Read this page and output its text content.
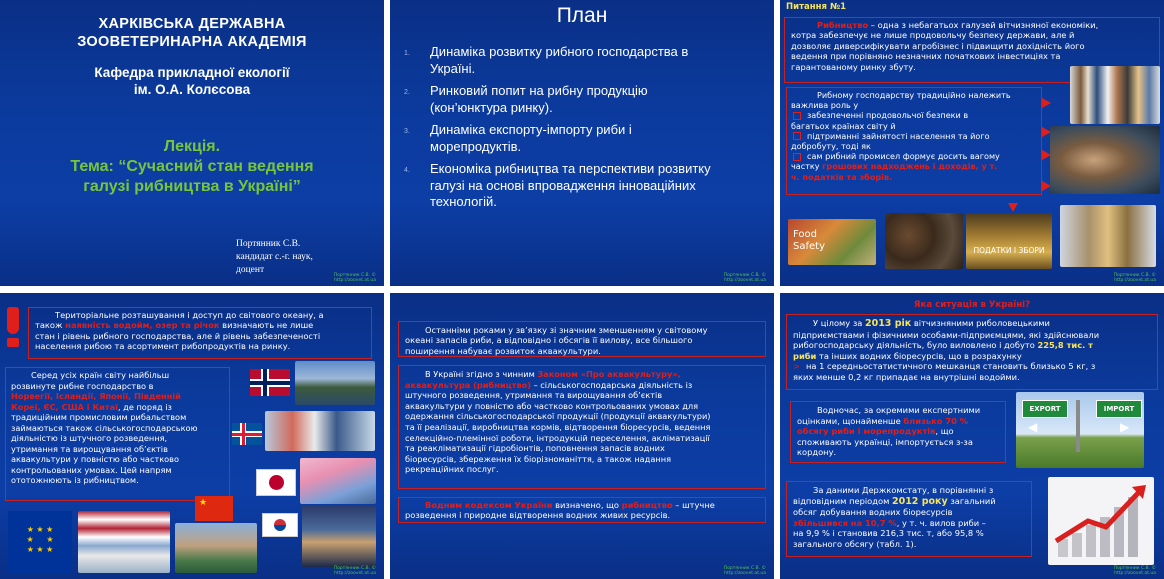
ХАРКІВСЬКА ДЕРЖАВНА
ЗООВЕТЕРИНАРНА АКАДЕМІЯ
Кафедра прикладної екології
ім. О.А. Колєсова
Лекція.
Тема: “Сучасний стан ведення
галузі рибництва в Україні”
Портянник С.В.
кандидат с.-г. наук,
доцент
Портянник С.В. ©
http://zoovet.at.ua
План
1. Динаміка розвитку рибного господарства в
Україні.
2. Ринковий попит на рибну продукцію
(кон’юнктура ринку).
3. Динаміка експорту-імпорту риби і
морепродуктів.
4. Економіка рибництва та перспективи розвитку
галузі на основі впровадження інноваційних
технологій.
Портянник С.В. ©
http://zoovet.at.ua
Питання №1
Рибництво – одна з небагатьох галузей вітчизняної економіки,
котра забезпечує не лише продовольчу безпеку держави, але й
дозволяє диверсифікувати агробізнес і підвищити дохідність його
ведення при порівняно незначних початкових інвестиціях та
гарантованому ринку збуту.
Рибному господарству традиційно належить
важлива роль у
забезпеченні продовольчої безпеки в
багатьох країнах світу й
підтриманні зайнятості населення та його
добробуту, тоді як
сам рибний промисел формує досить вагому
частку грошових надходжень і доходів, у т.
ч. податків та зборів.
Food
Safety	ПОДАТКИ І ЗБОРИ
Портянник С.В. ©
http://zoovet.at.ua
Територіальне розташування і доступ до світового океану, а
також наявність водойм, озер та річок визначають не лише
стан і рівень рибного господарства, але й рівень забезпеченості
населення рибою та асортимент рибопродуктів на ринку.
Серед усіх країн світу найбільш
розвинуте рибне господарство в
Норвегії, Ісландії, Японії, Південній
Кореї, ЄС, США і Китаї, де поряд із
традиційним промисловим рибальством
займаються також сільськогосподарською
діяльністю із штучного розведення,
утримання та вирощування об’єктів
аквакультури у повністю або частково
контрольованих умовах. Цей напрям
ототожнюють із рибництвом.
★
★ ★ ★
★     ★
★ ★ ★
Портянник С.В. ©
http://zoovet.at.ua
Останніми роками у зв’язку зі значним зменшенням у світовому
океані запасів риби, а відповідно і обсягів її вилову, все більшого
поширення набуває розвиток аквакультури.
В Україні згідно з чинним Законом «Про аквакультуру»,
аквакультура (рибництво) – сільськогосподарська діяльність із
штучного розведення, утримання та вирощування об’єктів
аквакультури у повністю або частково контрольованих умовах для
одержання сільськогосподарської продукції (продукції аквакультури)
та її реалізації, виробництва кормів, відтворення біоресурсів, ведення
селекційно-племінної роботи, інтродукцій переселення, акліматизації
та реакліматизації гідробіонтів, поповнення запасів водних
біоресурсів, збереження їх біорізноманіття, а також надання
рекреаційних послуг.
Водним кодексом України визначено, що рибництво – штучне
розведення і природне відтворення водних живих ресурсів.
Портянник С.В. ©
http://zoovet.at.ua
Яка ситуація в Україні?
У цілому за 2013 рік вітчизняними риболовецькими
підприємствами і фізичними особами-підприємцями, які здійснювали
рибогосподарську діяльність, було виловлено і добуто 225,8 тис. т
риби та інших водних біоресурсів, що в розрахунку
> на 1 середньостатистичного мешканця становить близько 5 кг, з
яких менше 0,2 кг припадає на внутрішні водойми.
Водночас, за окремими експертними
оцінками, щонайменше близько 70 %
обсягу риби і морепродуктів, що
споживають українці, імпортується з-за
кордону.
EXPORT	IMPORT
◀	▶
За даними Держкомстату, в порівнянні з
відповідним періодом 2012 року загальний
обсяг добування водних біоресурсів
збільшився на 10,7 %, у т. ч. вилов риби –
на 9,9 % і становив 216,3 тис. т, або 95,8 %
загального обсягу (табл. 1).
Портянник С.В. ©
http://zoovet.at.ua
